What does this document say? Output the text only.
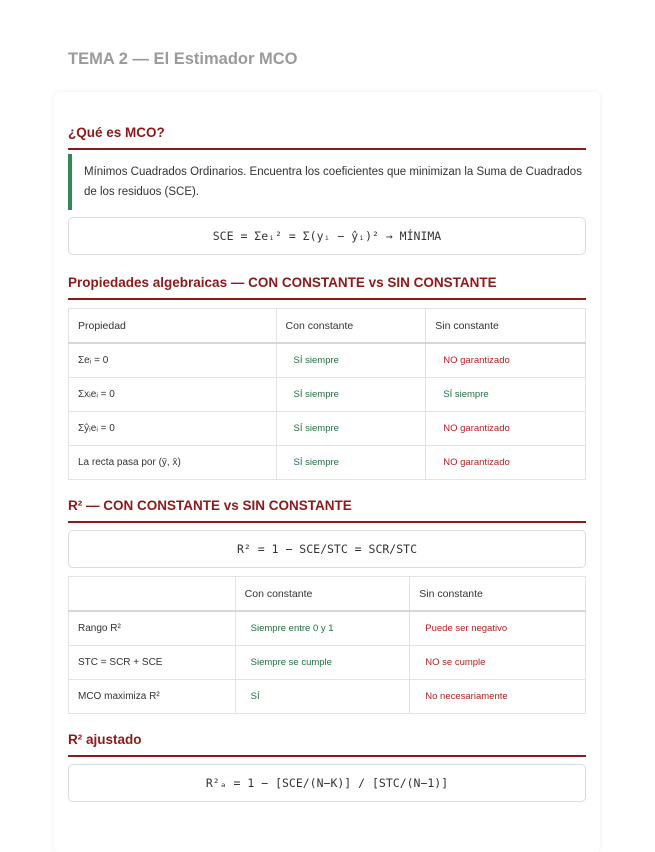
TEMA 2 — El Estimador MCO
¿Qué es MCO?
Mínimos Cuadrados Ordinarios. Encuentra los coeficientes que minimizan la Suma de Cuadrados de los residuos (SCE).
SCE = Σeᵢ² = Σ(yᵢ − ŷᵢ)² → MÍNIMA
Propiedades algebraicas — CON CONSTANTE vs SIN CONSTANTE
Propiedad	Con constante	Sin constante
Σeᵢ = 0	SÍ siempre	NO garantizado
Σxᵢeᵢ = 0	SÍ siempre	SÍ siempre
Σŷᵢeᵢ = 0	SÍ siempre	NO garantizado
La recta pasa por (ȳ, x̄)	SÍ siempre	NO garantizado
R² — CON CONSTANTE vs SIN CONSTANTE
R² = 1 − SCE/STC = SCR/STC
	Con constante	Sin constante
Rango R²	Siempre entre 0 y 1	Puede ser negativo
STC = SCR + SCE	Siempre se cumple	NO se cumple
MCO maximiza R²	SÍ	No necesariamente
R² ajustado
R²ₐ = 1 − [SCE/(N−K)] / [STC/(N−1)]
